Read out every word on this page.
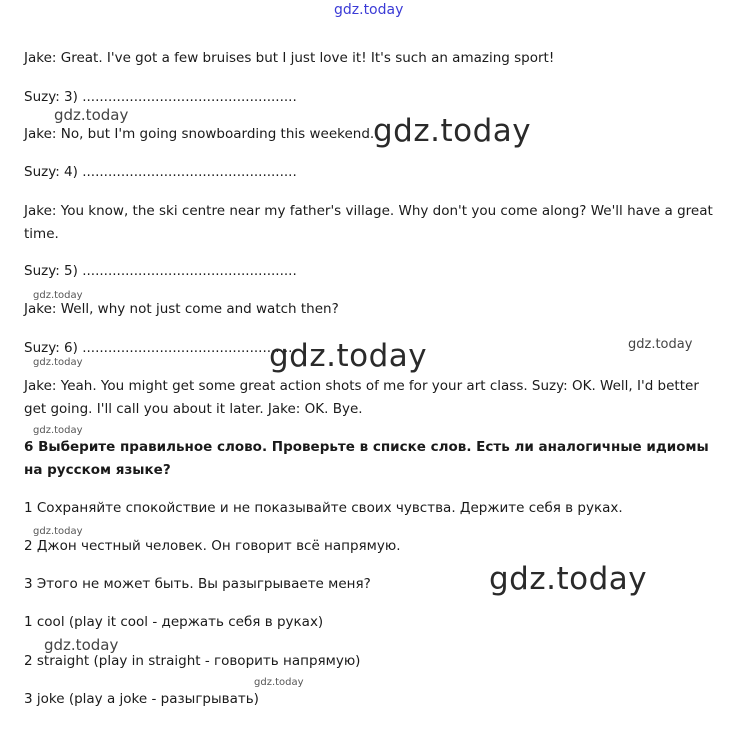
gdz.today
gdz.today	gdz.today
gdz.today
gdz.today	gdz.today
gdz.today
gdz.today
gdz.today
gdz.today
gdz.today
gdz.today

Jake: Great. I've got a few bruises but I just love it! It's such an amazing sport!

Suzy: 3) ..................................................

Jake: No, but I'm going snowboarding this weekend.

Suzy: 4) ..................................................

Jake: You know, the ski centre near my father's village. Why don't you come along? We'll have a great time.

Suzy: 5) ..................................................

Jake: Well, why not just come and watch then?

Suzy: 6) ..................................................

Jake: Yeah. You might get some great action shots of me for your art class. Suzy: OK. Well, I'd better get going. I'll call you about it later. Jake: OK. Bye.

6 Выберите правильное слово. Проверьте в списке слов. Есть ли аналогичные идиомы на русском языке?

1 Сохраняйте спокойствие и не показывайте своих чувства. Держите себя в руках.

2 Джон честный человек. Он говорит всё напрямую.

3 Этого не может быть. Вы разыгрываете меня?

1 cool (play it cool - держать себя в руках)

2 straight (play in straight - говорить напрямую)

3 joke (play a joke - разыгрывать)
